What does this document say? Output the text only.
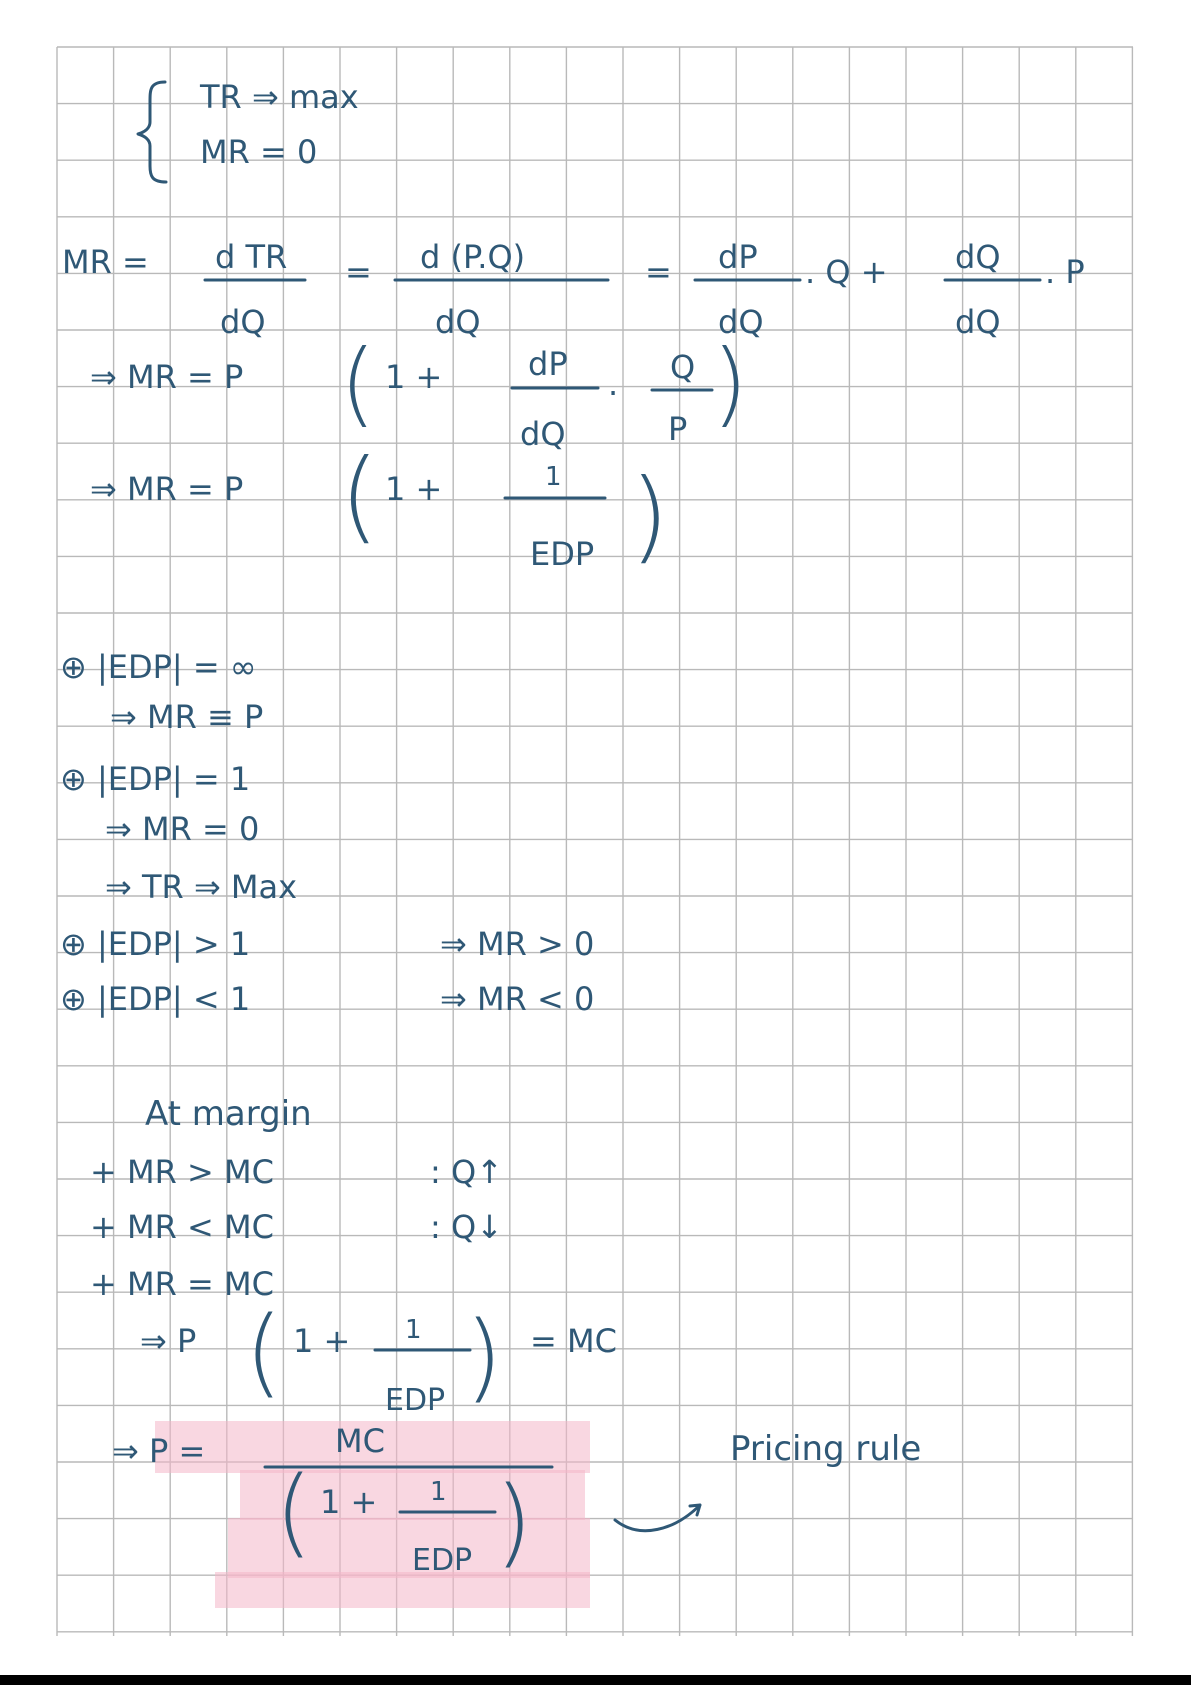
TR ⇒ max
MR = 0
MR = d TR
dQ
= d (P.Q)
dQ
= dP
dQ
. Q + dQ
dQ
. P
⇒ MR = P ( 1 +	dP
dQ
. Q
P )
⇒ MR = P ( 1 +	1
EDP )
⊕ |EDP| = ∞
⇒ MR ≡ P
⊕ |EDP| = 1
⇒ MR = 0
⇒ TR ⇒ Max
⊕ |EDP| > 1	⇒ MR > 0
⊕ |EDP| < 1	⇒ MR < 0
At margin
+ MR > MC	: Q↑
+ MR < MC	: Q↓
+ MR = MC
⇒ P ( 1 + 1
EDP ) = MC
⇒ P =	MC
( 1 + 1
EDP )
Pricing rule
